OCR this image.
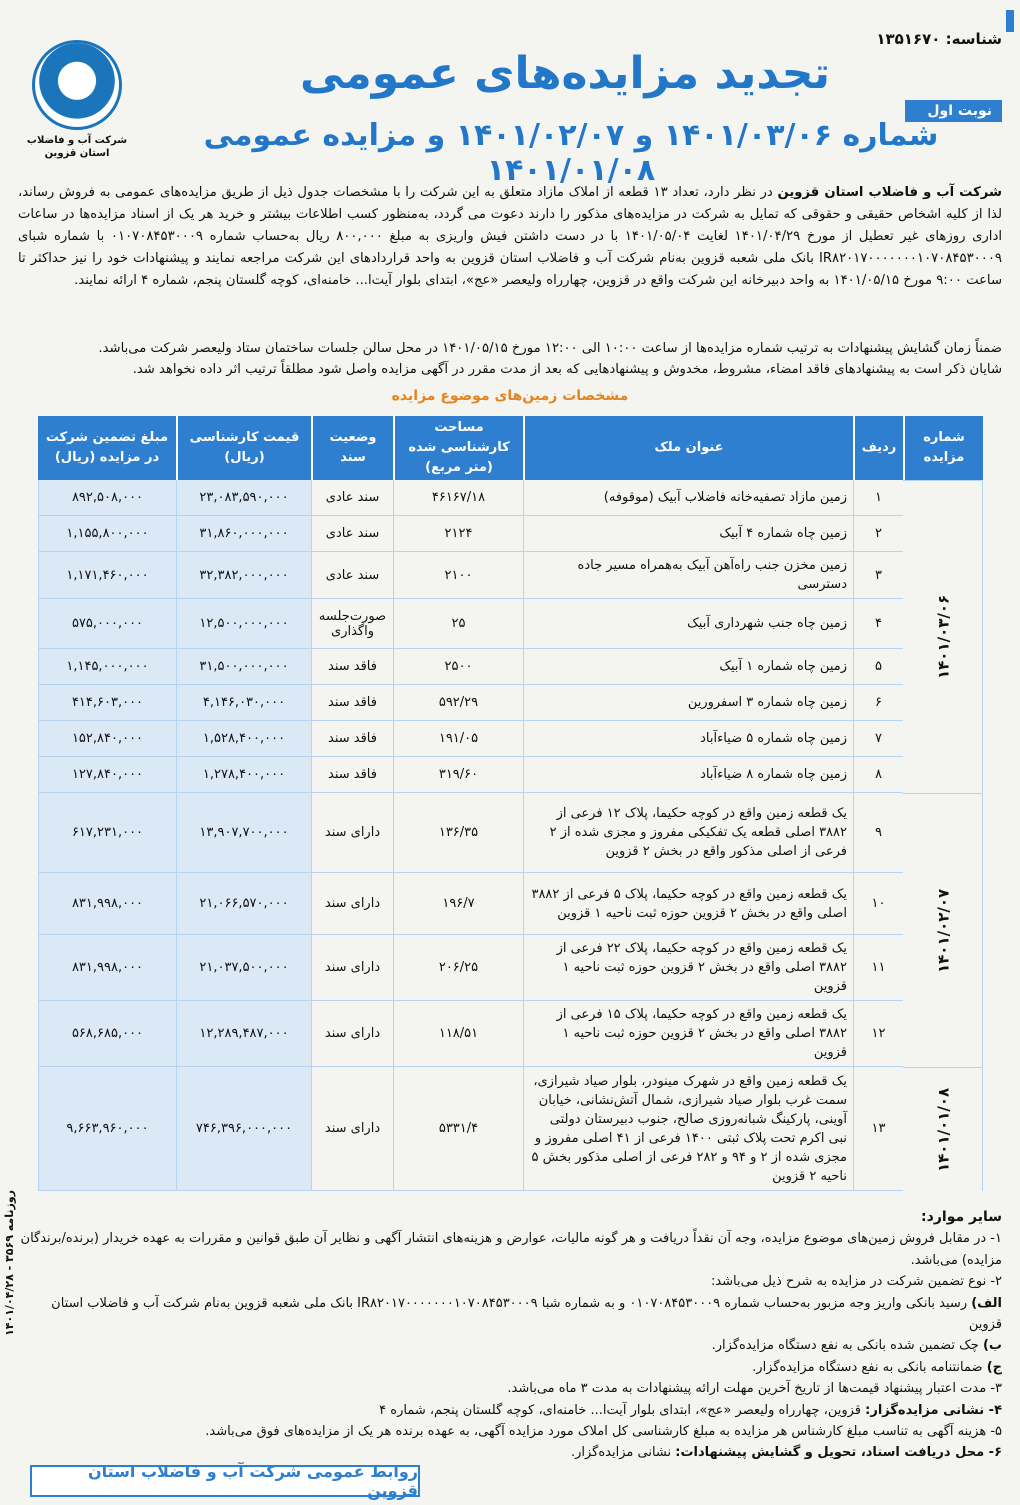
شناسه: ۱۳۵۱۶۷۰
شرکت آب و فاضلاب استان قزوین
تجدید مزایده‌های عمومی
نوبت اول
شماره ۱۴۰۱/۰۳/۰۶ و ۱۴۰۱/۰۲/۰۷ و مزایده عمومی ۱۴۰۱/۰۱/۰۸
شرکت آب و فاضلاب استان قزوین در نظر دارد، تعداد ۱۳ قطعه از املاک مازاد متعلق به این شرکت را با مشخصات جدول ذیل از طریق مزایده‌های عمومی به فروش رساند، لذا از کلیه اشخاص حقیقی و حقوقی که تمایل به شرکت در مزایده‌های مذکور را دارند دعوت می گردد، به‌منظور کسب اطلاعات بیشتر و خرید هر یک از اسناد مزایده‌ها در ساعات اداری روزهای غیر تعطیل از مورخ ۱۴۰۱/۰۴/۲۹ لغایت ۱۴۰۱/۰۵/۰۴ با در دست داشتن فیش واریزی به مبلغ ۸۰۰,۰۰۰ ریال به‌حساب شماره ۰۱۰۷۰۸۴۵۳۰۰۰۹ با شماره شبای IR۸۲۰۱۷۰۰۰۰۰۰۰۱۰۷۰۸۴۵۳۰۰۰۹ بانک ملی شعبه قزوین به‌نام شرکت آب و فاضلاب استان قزوین به واحد قراردادهای این شرکت مراجعه نمایند و پیشنهادات خود را نیز حداکثر تا ساعت ۹:۰۰ مورخ ۱۴۰۱/۰۵/۱۵ به واحد دبیرخانه این شرکت واقع در قزوین، چهارراه ولیعصر «عج»، ابتدای بلوار آیت‌ا... خامنه‌ای، کوچه گلستان پنجم، شماره ۴ ارائه نمایند.
ضمناً زمان گشایش پیشنهادات به ترتیب شماره مزایده‌ها از ساعت ۱۰:۰۰ الی ۱۲:۰۰ مورخ ۱۴۰۱/۰۵/۱۵ در محل سالن جلسات ساختمان ستاد ولیعصر شرکت می‌باشد.
شایان ذکر است به پیشنهادهای فاقد امضاء، مشروط، مخدوش و پیشنهادهایی که بعد از مدت مقرر در آگهی مزایده واصل شود مطلقاً ترتیب اثر داده نخواهد شد.
مشخصات زمین‌های موضوع مزایده
شماره مزایده	ردیف	عنوان ملک	مساحت کارشناسی شده (متر مربع)	وضعیت سند	قیمت کارشناسی (ریال)	مبلغ تضمین شرکت در مزایده (ریال)
۱۴۰۱/۰۳/۰۶	۱	زمین مازاد تصفیه‌خانه فاضلاب آبیک (موقوفه)	۴۶۱۶۷/۱۸	سند عادی	۲۳,۰۸۳,۵۹۰,۰۰۰	۸۹۲,۵۰۸,۰۰۰
	۲	زمین چاه شماره ۴ آبیک	۲۱۲۴	سند عادی	۳۱,۸۶۰,۰۰۰,۰۰۰	۱,۱۵۵,۸۰۰,۰۰۰
	۳	زمین مخزن جنب راه‌آهن آبیک به‌همراه مسیر جاده دسترسی	۲۱۰۰	سند عادی	۳۲,۳۸۲,۰۰۰,۰۰۰	۱,۱۷۱,۴۶۰,۰۰۰
	۴	زمین چاه جنب شهرداری آبیک	۲۵	صورت‌جلسه واگذاری	۱۲,۵۰۰,۰۰۰,۰۰۰	۵۷۵,۰۰۰,۰۰۰
	۵	زمین چاه شماره ۱ آبیک	۲۵۰۰	فاقد سند	۳۱,۵۰۰,۰۰۰,۰۰۰	۱,۱۴۵,۰۰۰,۰۰۰
	۶	زمین چاه شماره ۳ اسفرورین	۵۹۲/۲۹	فاقد سند	۴,۱۴۶,۰۳۰,۰۰۰	۴۱۴,۶۰۳,۰۰۰
	۷	زمین چاه شماره ۵ ضیاءآباد	۱۹۱/۰۵	فاقد سند	۱,۵۲۸,۴۰۰,۰۰۰	۱۵۲,۸۴۰,۰۰۰
	۸	زمین چاه شماره ۸ ضیاءآباد	۳۱۹/۶۰	فاقد سند	۱,۲۷۸,۴۰۰,۰۰۰	۱۲۷,۸۴۰,۰۰۰
۱۴۰۱/۰۲/۰۷	۹	یک قطعه زمین واقع در کوچه حکیما، پلاک ۱۲ فرعی از ۳۸۸۲ اصلی قطعه یک تفکیکی مفروز و مجزی شده از ۲ فرعی از اصلی مذکور واقع در بخش ۲ قزوین	۱۳۶/۳۵	دارای سند	۱۳,۹۰۷,۷۰۰,۰۰۰	۶۱۷,۲۳۱,۰۰۰
	۱۰	یک قطعه زمین واقع در کوچه حکیما، پلاک ۵ فرعی از ۳۸۸۲ اصلی واقع در بخش ۲ قزوین حوزه ثبت ناحیه ۱ قزوین	۱۹۶/۷	دارای سند	۲۱,۰۶۶,۵۷۰,۰۰۰	۸۳۱,۹۹۸,۰۰۰
	۱۱	یک قطعه زمین واقع در کوچه حکیما، پلاک ۲۲ فرعی از ۳۸۸۲ اصلی واقع در بخش ۲ قزوین حوزه ثبت ناحیه ۱ قزوین	۲۰۶/۲۵	دارای سند	۲۱,۰۳۷,۵۰۰,۰۰۰	۸۳۱,۹۹۸,۰۰۰
	۱۲	یک قطعه زمین واقع در کوچه حکیما، پلاک ۱۵ فرعی از ۳۸۸۲ اصلی واقع در بخش ۲ قزوین حوزه ثبت ناحیه ۱ قزوین	۱۱۸/۵۱	دارای سند	۱۲,۲۸۹,۴۸۷,۰۰۰	۵۶۸,۶۸۵,۰۰۰
۱۴۰۱/۰۱/۰۸	۱۳	یک قطعه زمین واقع در شهرک مینودر، بلوار صیاد شیرازی، سمت غرب بلوار صیاد شیرازی، شمال آتش‌نشانی، خیابان آوینی، پارکینگ شبانه‌روزی صالح، جنوب دبیرستان دولتی نبی اکرم تحت پلاک ثبتی ۱۴۰۰ فرعی از ۴۱ اصلی مفروز و مجزی شده از ۲ و ۹۴ و ۲۸۲ فرعی از اصلی مذکور بخش ۵ ناحیه ۲ قزوین	۵۳۳۱/۴	دارای سند	۷۴۶,۳۹۶,۰۰۰,۰۰۰	۹,۶۶۳,۹۶۰,۰۰۰
سایر موارد:
۱- در مقابل فروش زمین‌های موضوع مزایده، وجه آن نقداً دریافت و هر گونه مالیات، عوارض و هزینه‌های انتشار آگهی و نظایر آن طبق قوانین و مقررات به عهده خریدار (برنده/برندگان مزایده) می‌باشد.
۲- نوع تضمین شرکت در مزایده به شرح ذیل می‌باشد:
الف) رسید بانکی واریز وجه مزبور به‌حساب شماره ۰۱۰۷۰۸۴۵۳۰۰۰۹ و به شماره شبا IR۸۲۰۱۷۰۰۰۰۰۰۰۱۰۷۰۸۴۵۳۰۰۰۹ بانک ملی شعبه قزوین به‌نام شرکت آب و فاضلاب استان قزوین
ب) چک تضمین شده بانکی به نفع دستگاه مزایده‌گزار.
ج) ضمانتنامه بانکی به نفع دستگاه مزایده‌گزار.
۳- مدت اعتبار پیشنهاد قیمت‌ها از تاریخ آخرین مهلت ارائه پیشنهادات به مدت ۳ ماه می‌باشد.
۴- نشانی مزایده‌گزار: قزوین، چهارراه ولیعصر «عج»، ابتدای بلوار آیت‌ا... خامنه‌ای، کوچه گلستان پنجم، شماره ۴
۵- هزینه آگهی به تناسب مبلغ کارشناس هر مزایده به مبلغ کارشناسی کل املاک مورد مزایده آگهی، به عهده برنده هر یک از مزایده‌های فوق می‌باشد.
۶- محل دریافت اسناد، تحویل و گشایش پیشنهادات: نشانی مزایده‌گزار.
روزنامه ۳۵۶۹ - ۱۴۰۱/۰۴/۲۸
روابط عمومی شرکت آب و فاضلاب استان قزوین
